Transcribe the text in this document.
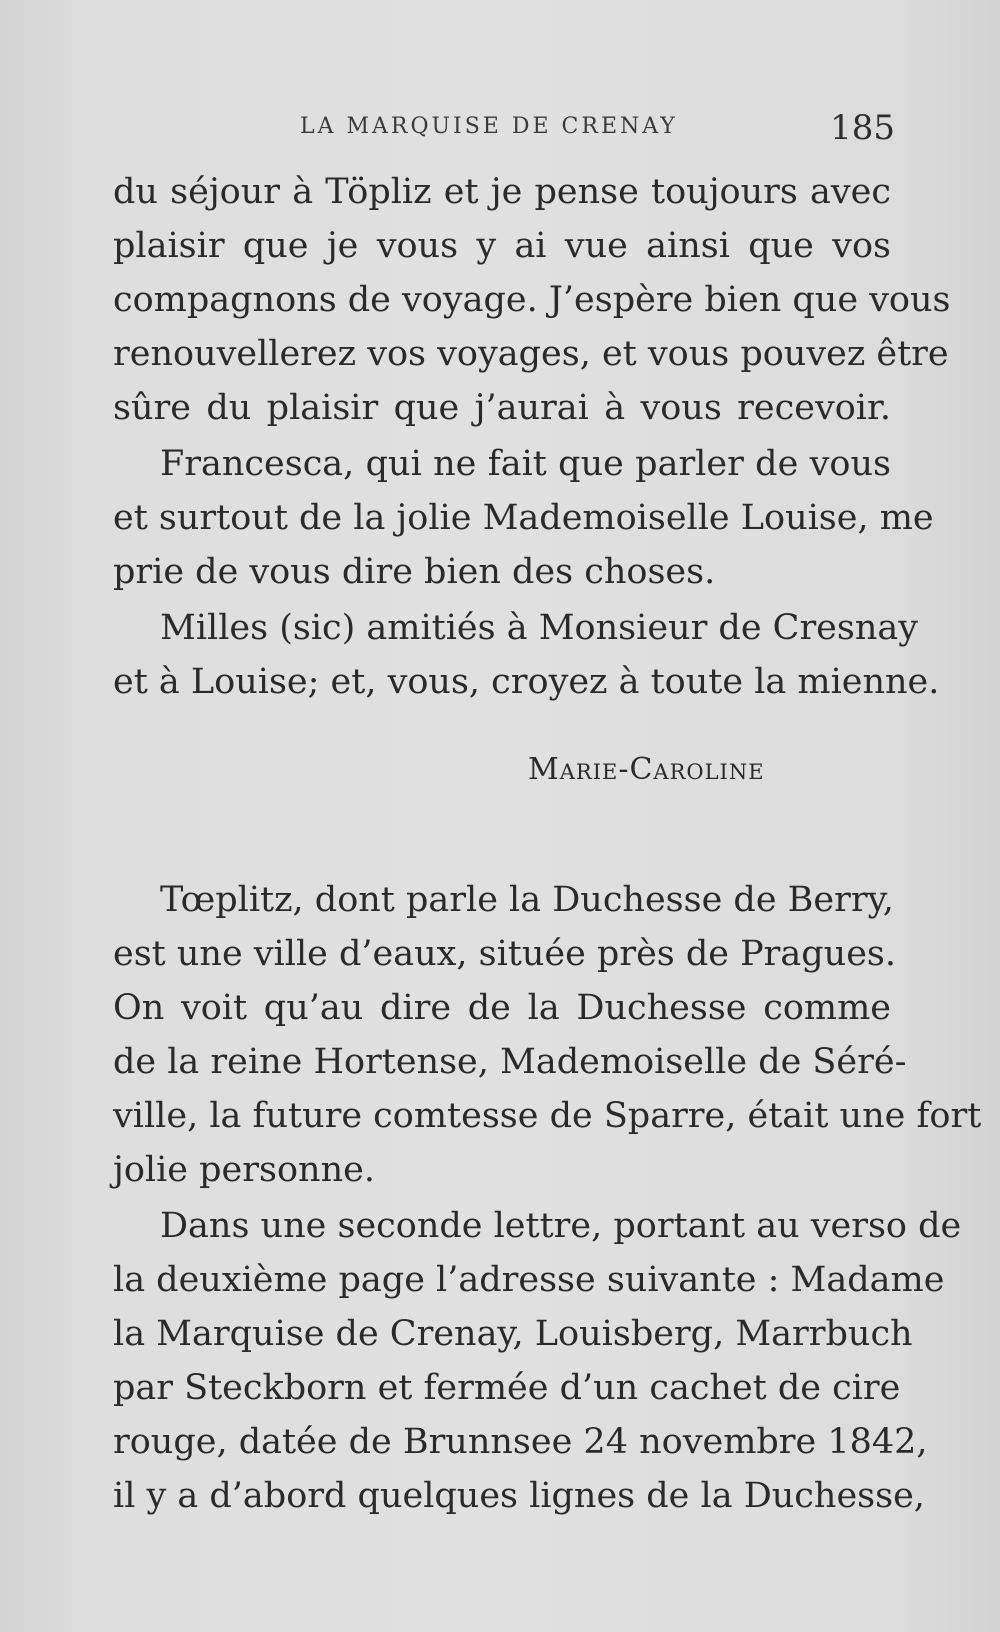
LA MARQUISE DE CRENAY	185
du séjour à Töpliz et je pense toujours avec
plaisir que je vous y ai vue ainsi que vos
compagnons de voyage. J’espère bien que vous
renouvellerez vos voyages, et vous pouvez être
sûre du plaisir que j’aurai à vous recevoir.
Francesca, qui ne fait que parler de vous
et surtout de la jolie Mademoiselle Louise, me
prie de vous dire bien des choses.
Milles (sic) amitiés à Monsieur de Cresnay
et à Louise; et, vous, croyez à toute la mienne.
Marie-Caroline
Tœplitz, dont parle la Duchesse de Berry,
est une ville d’eaux, située près de Pragues.
On voit qu’au dire de la Duchesse comme
de la reine Hortense, Mademoiselle de Séré-
ville, la future comtesse de Sparre, était une fort
jolie personne.
Dans une seconde lettre, portant au verso de
la deuxième page l’adresse suivante : Madame
la Marquise de Crenay, Louisberg, Marrbuch
par Steckborn et fermée d’un cachet de cire
rouge, datée de Brunnsee 24 novembre 1842,
il y a d’abord quelques lignes de la Duchesse,
